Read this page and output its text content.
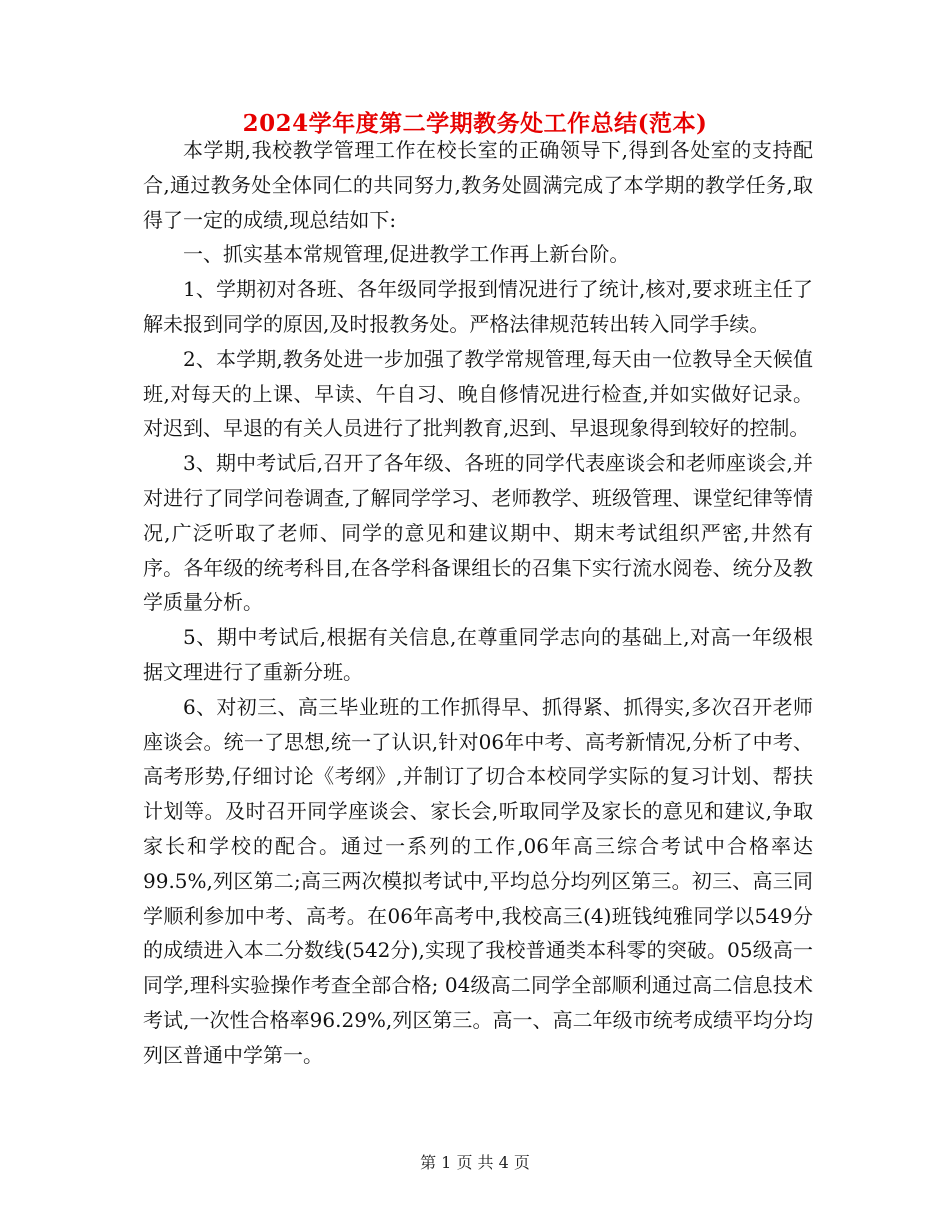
2024学年度第二学期教务处工作总结(范本)

本学期,我校教学管理工作在校长室的正确领导下,得到各处室的支持配合,通过教务处全体同仁的共同努力,教务处圆满完成了本学期的教学任务,取得了一定的成绩,现总结如下:

一、抓实基本常规管理,促进教学工作再上新台阶。

1、学期初对各班、各年级同学报到情况进行了统计,核对,要求班主任了解未报到同学的原因,及时报教务处。严格法律规范转出转入同学手续。

2、本学期,教务处进一步加强了教学常规管理,每天由一位教导全天候值班,对每天的上课、早读、午自习、晚自修情况进行检查,并如实做好记录。对迟到、早退的有关人员进行了批判教育,迟到、早退现象得到较好的控制。

3、期中考试后,召开了各年级、各班的同学代表座谈会和老师座谈会,并对进行了同学问卷调查,了解同学学习、老师教学、班级管理、课堂纪律等情况,广泛听取了老师、同学的意见和建议期中、期末考试组织严密,井然有序。各年级的统考科目,在各学科备课组长的召集下实行流水阅卷、统分及教学质量分析。

5、期中考试后,根据有关信息,在尊重同学志向的基础上,对高一年级根据文理进行了重新分班。

6、对初三、高三毕业班的工作抓得早、抓得紧、抓得实,多次召开老师座谈会。统一了思想,统一了认识,针对06年中考、高考新情况,分析了中考、高考形势,仔细讨论《考纲》,并制订了切合本校同学实际的复习计划、帮扶计划等。及时召开同学座谈会、家长会,听取同学及家长的意见和建议,争取家长和学校的配合。通过一系列的工作,06年高三综合考试中合格率达 99.5%,列区第二;高三两次模拟考试中,平均总分均列区第三。初三、高三同学顺利参加中考、高考。在06年高考中,我校高三(4)班钱纯雅同学以549分的成绩进入本二分数线(542分),实现了我校普通类本科零的突破。05级高一同学,理科实验操作考查全部合格; 04级高二同学全部顺利通过高二信息技术考试,一次性合格率96.29%,列区第三。高一、高二年级市统考成绩平均分均列区普通中学第一。

第 1 页 共 4 页
